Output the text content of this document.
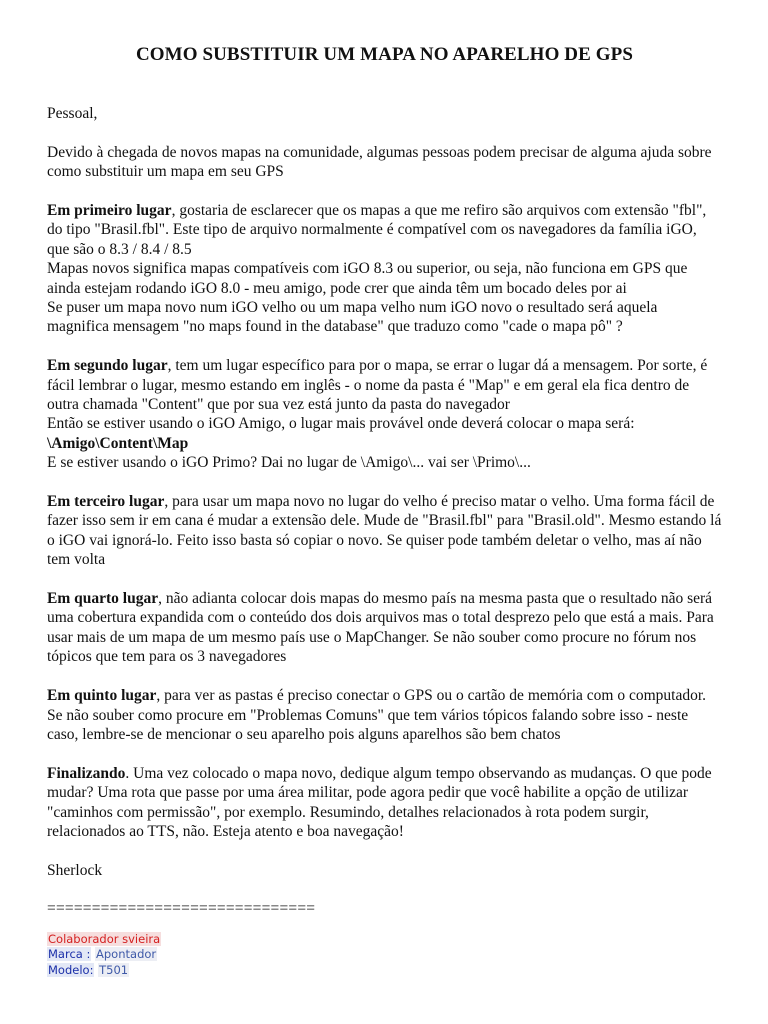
COMO SUBSTITUIR UM MAPA NO APARELHO DE GPS

Pessoal,

Devido à chegada de novos mapas na comunidade, algumas pessoas podem precisar de alguma ajuda sobre como substituir um mapa em seu GPS

Em primeiro lugar, gostaria de esclarecer que os mapas a que me refiro são arquivos com extensão "fbl", do tipo "Brasil.fbl". Este tipo de arquivo normalmente é compatível com os navegadores da família iGO, que são o 8.3 / 8.4 / 8.5
Mapas novos significa mapas compatíveis com iGO 8.3 ou superior, ou seja, não funciona em GPS que ainda estejam rodando iGO 8.0 - meu amigo, pode crer que ainda têm um bocado deles por ai
Se puser um mapa novo num iGO velho ou um mapa velho num iGO novo o resultado será aquela magnifica mensagem "no maps found in the database" que traduzo como "cade o mapa pô" ?

Em segundo lugar, tem um lugar específico para por o mapa, se errar o lugar dá a mensagem. Por sorte, é fácil lembrar o lugar, mesmo estando em inglês - o nome da pasta é "Map" e em geral ela fica dentro de outra chamada "Content" que por sua vez está junto da pasta do navegador
Então se estiver usando o iGO Amigo, o lugar mais provável onde deverá colocar o mapa será:
\Amigo\Content\Map
E se estiver usando o iGO Primo? Dai no lugar de \Amigo\... vai ser \Primo\...

Em terceiro lugar, para usar um mapa novo no lugar do velho é preciso matar o velho. Uma forma fácil de fazer isso sem ir em cana é mudar a extensão dele. Mude de "Brasil.fbl" para "Brasil.old". Mesmo estando lá o iGO vai ignorá-lo. Feito isso basta só copiar o novo. Se quiser pode também deletar o velho, mas aí não tem volta

Em quarto lugar, não adianta colocar dois mapas do mesmo país na mesma pasta que o resultado não será uma cobertura expandida com o conteúdo dos dois arquivos mas o total desprezo pelo que está a mais. Para usar mais de um mapa de um mesmo país use o MapChanger. Se não souber como procure no fórum nos tópicos que tem para os 3 navegadores

Em quinto lugar, para ver as pastas é preciso conectar o GPS ou o cartão de memória com o computador. Se não souber como procure em "Problemas Comuns" que tem vários tópicos falando sobre isso - neste caso, lembre-se de mencionar o seu aparelho pois alguns aparelhos são bem chatos

Finalizando. Uma vez colocado o mapa novo, dedique algum tempo observando as mudanças. O que pode mudar? Uma rota que passe por uma área militar, pode agora pedir que você habilite a opção de utilizar "caminhos com permissão", por exemplo. Resumindo, detalhes relacionados à rota podem surgir, relacionados ao TTS, não. Esteja atento e boa navegação!

Sherlock

==============================
Colaborador svieira
Marca : Apontador
Modelo: T501
